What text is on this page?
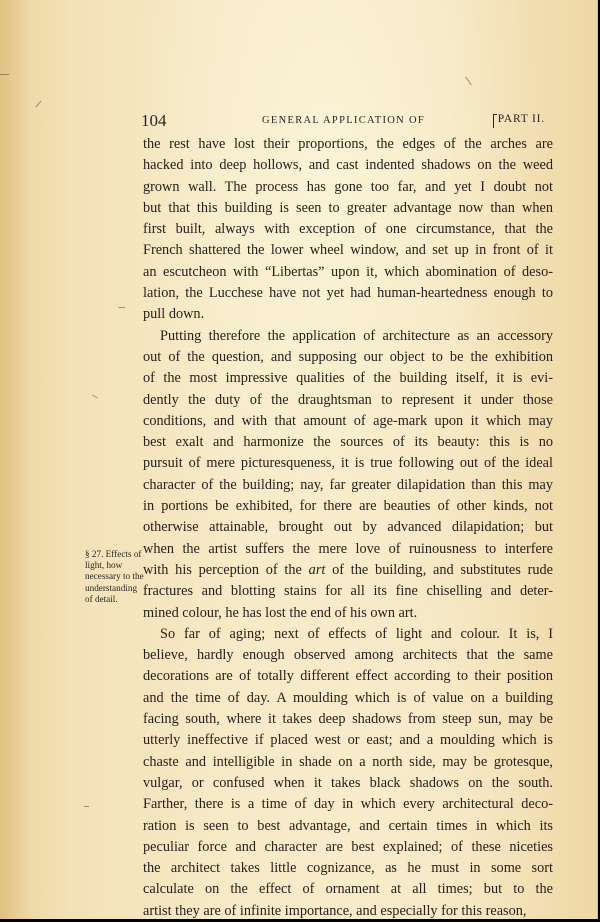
104	GENERAL APPLICATION OF	PART II.
§ 27. Effects of
light, how
necessary to the
understanding
of detail.

the rest have lost their proportions, the edges of the arches are
hacked into deep hollows, and cast indented shadows on the weed
grown wall. The process has gone too far, and yet I doubt not
but that this building is seen to greater advantage now than when
first built, always with exception of one circumstance, that the
French shattered the lower wheel window, and set up in front of it
an escutcheon with “Libertas” upon it, which abomination of deso-
lation, the Lucchese have not yet had human-heartedness enough to
pull down.

Putting therefore the application of architecture as an accessory
out of the question, and supposing our object to be the exhibition
of the most impressive qualities of the building itself, it is evi-
dently the duty of the draughtsman to represent it under those
conditions, and with that amount of age-mark upon it which may
best exalt and harmonize the sources of its beauty: this is no
pursuit of mere picturesqueness, it is true following out of the ideal
character of the building; nay, far greater dilapidation than this may
in portions be exhibited, for there are beauties of other kinds, not
otherwise attainable, brought out by advanced dilapidation; but
when the artist suffers the mere love of ruinousness to interfere
with his perception of the art of the building, and substitutes rude
fractures and blotting stains for all its fine chiselling and deter-
mined colour, he has lost the end of his own art.

So far of aging; next of effects of light and colour. It is, I
believe, hardly enough observed among architects that the same
decorations are of totally different effect according to their position
and the time of day. A moulding which is of value on a building
facing south, where it takes deep shadows from steep sun, may be
utterly ineffective if placed west or east; and a moulding which is
chaste and intelligible in shade on a north side, may be grotesque,
vulgar, or confused when it takes black shadows on the south.
Farther, there is a time of day in which every architectural deco-
ration is seen to best advantage, and certain times in which its
peculiar force and character are best explained; of these niceties
the architect takes little cognizance, as he must in some sort
calculate on the effect of ornament at all times; but to the
artist they are of infinite importance, and especially for this reason,
